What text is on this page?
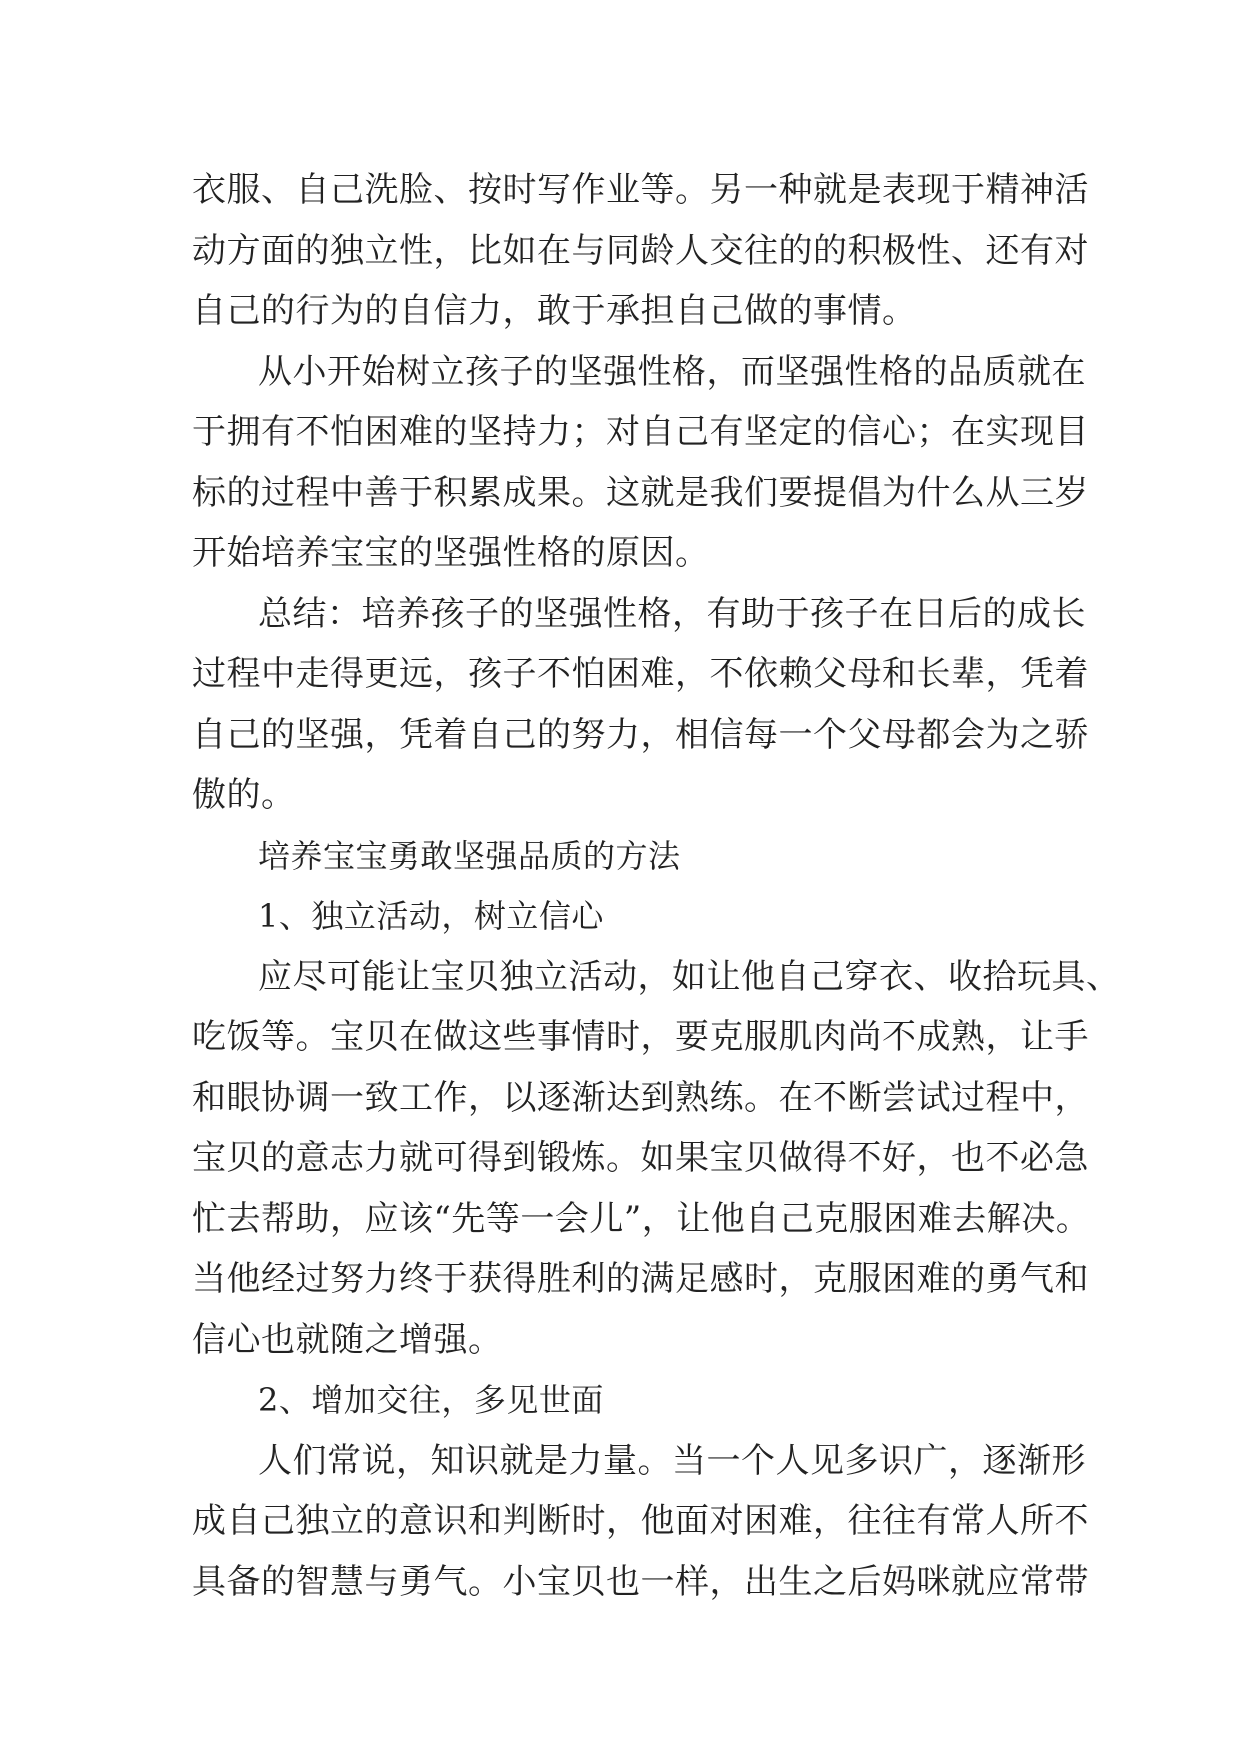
衣服、自己洗脸、按时写作业等。另一种就是表现于精神活
动方面的独立性，比如在与同龄人交往的的积极性、还有对
自己的行为的自信力，敢于承担自己做的事情。
从小开始树立孩子的坚强性格，而坚强性格的品质就在
于拥有不怕困难的坚持力；对自己有坚定的信心；在实现目
标的过程中善于积累成果。这就是我们要提倡为什么从三岁
开始培养宝宝的坚强性格的原因。
总结：培养孩子的坚强性格，有助于孩子在日后的成长
过程中走得更远，孩子不怕困难，不依赖父母和长辈，凭着
自己的坚强，凭着自己的努力，相信每一个父母都会为之骄
傲的。
培养宝宝勇敢坚强品质的方法
1、独立活动，树立信心
应尽可能让宝贝独立活动，如让他自己穿衣、收拾玩具、
吃饭等。宝贝在做这些事情时，要克服肌肉尚不成熟，让手
和眼协调一致工作，以逐渐达到熟练。在不断尝试过程中，
宝贝的意志力就可得到锻炼。如果宝贝做得不好，也不必急
忙去帮助，应该“先等一会儿”，让他自己克服困难去解决。
当他经过努力终于获得胜利的满足感时，克服困难的勇气和
信心也就随之增强。
2、增加交往，多见世面
人们常说，知识就是力量。当一个人见多识广，逐渐形
成自己独立的意识和判断时，他面对困难，往往有常人所不
具备的智慧与勇气。小宝贝也一样，出生之后妈咪就应常带
